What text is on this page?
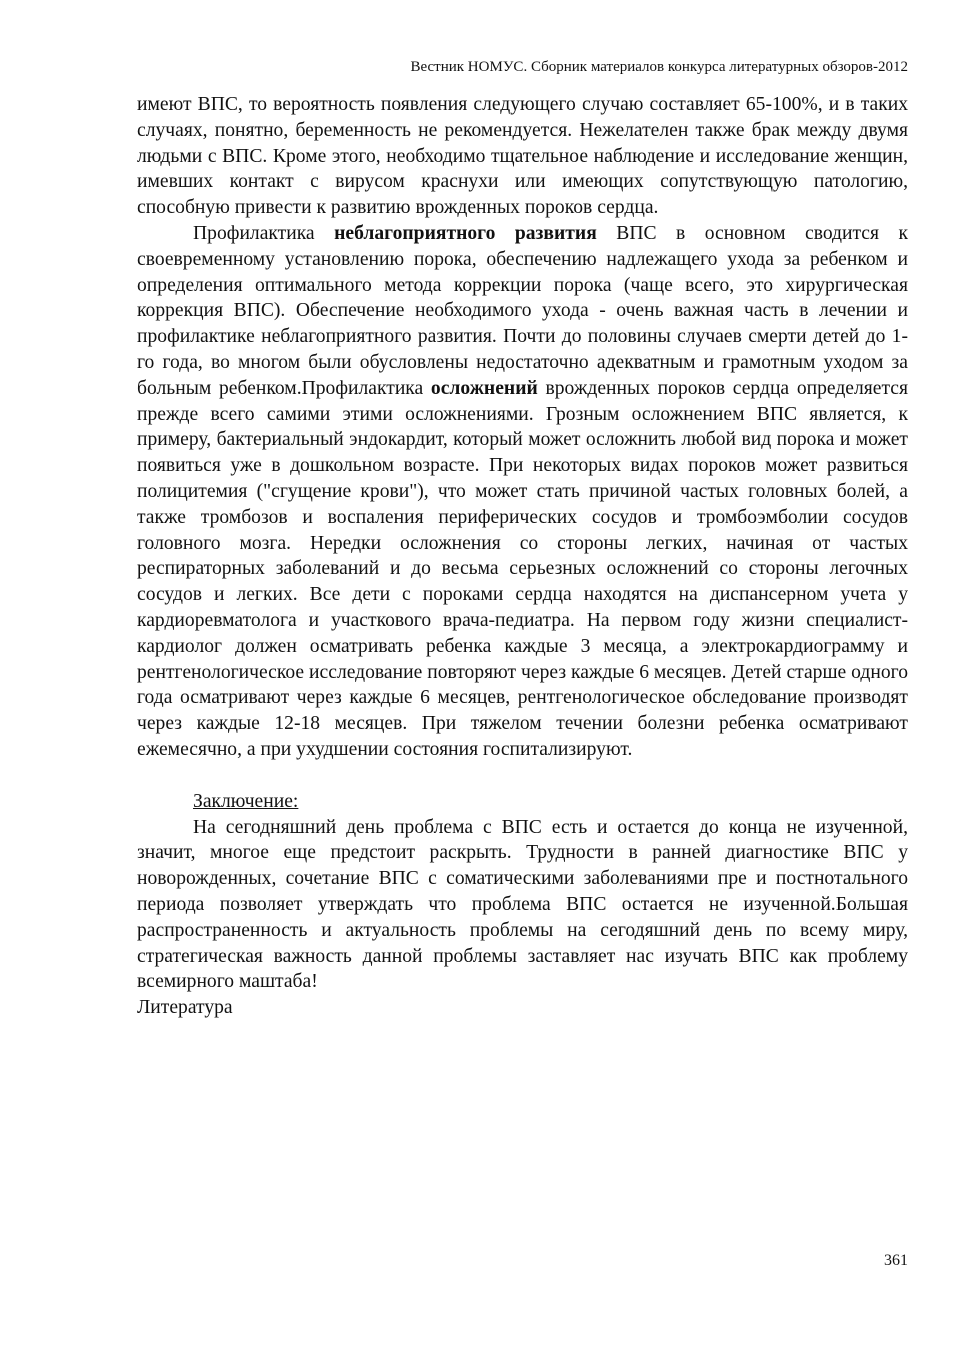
Вестник НОМУС. Сборник материалов конкурса литературных обзоров-2012

имеют ВПС, то вероятность появления следующего случаю составляет 65-100%, и в таких случаях, понятно, беременность не рекомендуется. Нежелателен также брак между двумя людьми с ВПС. Кроме этого, необходимо тщательное наблюдение и исследование женщин, имевших контакт с вирусом краснухи или имеющих сопутствующую патологию, способную привести к развитию врожденных пороков сердца.

Профилактика неблагоприятного развития ВПС в основном сводится к своевременному установлению порока, обеспечению надлежащего ухода за ребенком и определения оптимального метода коррекции порока (чаще всего, это хирургическая коррекция ВПС). Обеспечение необходимого ухода - очень важная часть в лечении и профилактике неблагоприятного развития. Почти до половины случаев смерти детей до 1-го года, во многом были обусловлены недостаточно адекватным и грамотным уходом за больным ребенком.Профилактика осложнений врожденных пороков сердца определяется прежде всего самими этими осложнениями. Грозным осложнением ВПС является, к примеру, бактериальный эндокардит, который может осложнить любой вид порока и может появиться уже в дошкольном возрасте. При некоторых видах пороков может развиться полицитемия ("сгущение крови"), что может стать причиной частых головных болей, а также тромбозов и воспаления периферических сосудов и тромбоэмболии сосудов головного мозга. Нередки осложнения со стороны легких, начиная от частых респираторных заболеваний и до весьма серьезных осложнений со стороны легочных сосудов и легких. Все дети с пороками сердца находятся на диспансерном учета у кардиоревматолога и участкового врача-педиатра. На первом году жизни специалист-кардиолог должен осматривать ребенка каждые 3 месяца, а электрокардиограмму и рентгенологическое исследование повторяют через каждые 6 месяцев. Детей старше одного года осматривают через каждые 6 месяцев, рентгенологическое обследование производят через каждые 12-18 месяцев. При тяжелом течении болезни ребенка осматривают ежемесячно, а при ухудшении состояния госпитализируют.

Заключение:

На сегодняшний день проблема с ВПС есть и остается до конца не изученной, значит, многое еще предстоит раскрыть. Трудности в ранней диагностике ВПС у новорожденных, сочетание ВПС с соматическими заболеваниями пре и постнотального периода позволяет утверждать что проблема ВПС остается не изученной.Большая распространенность и актуальность проблемы на сегодяшний день по всему миру, стратегическая важность данной проблемы заставляет нас изучать ВПС как проблему всемирного маштаба!

Литература

361
